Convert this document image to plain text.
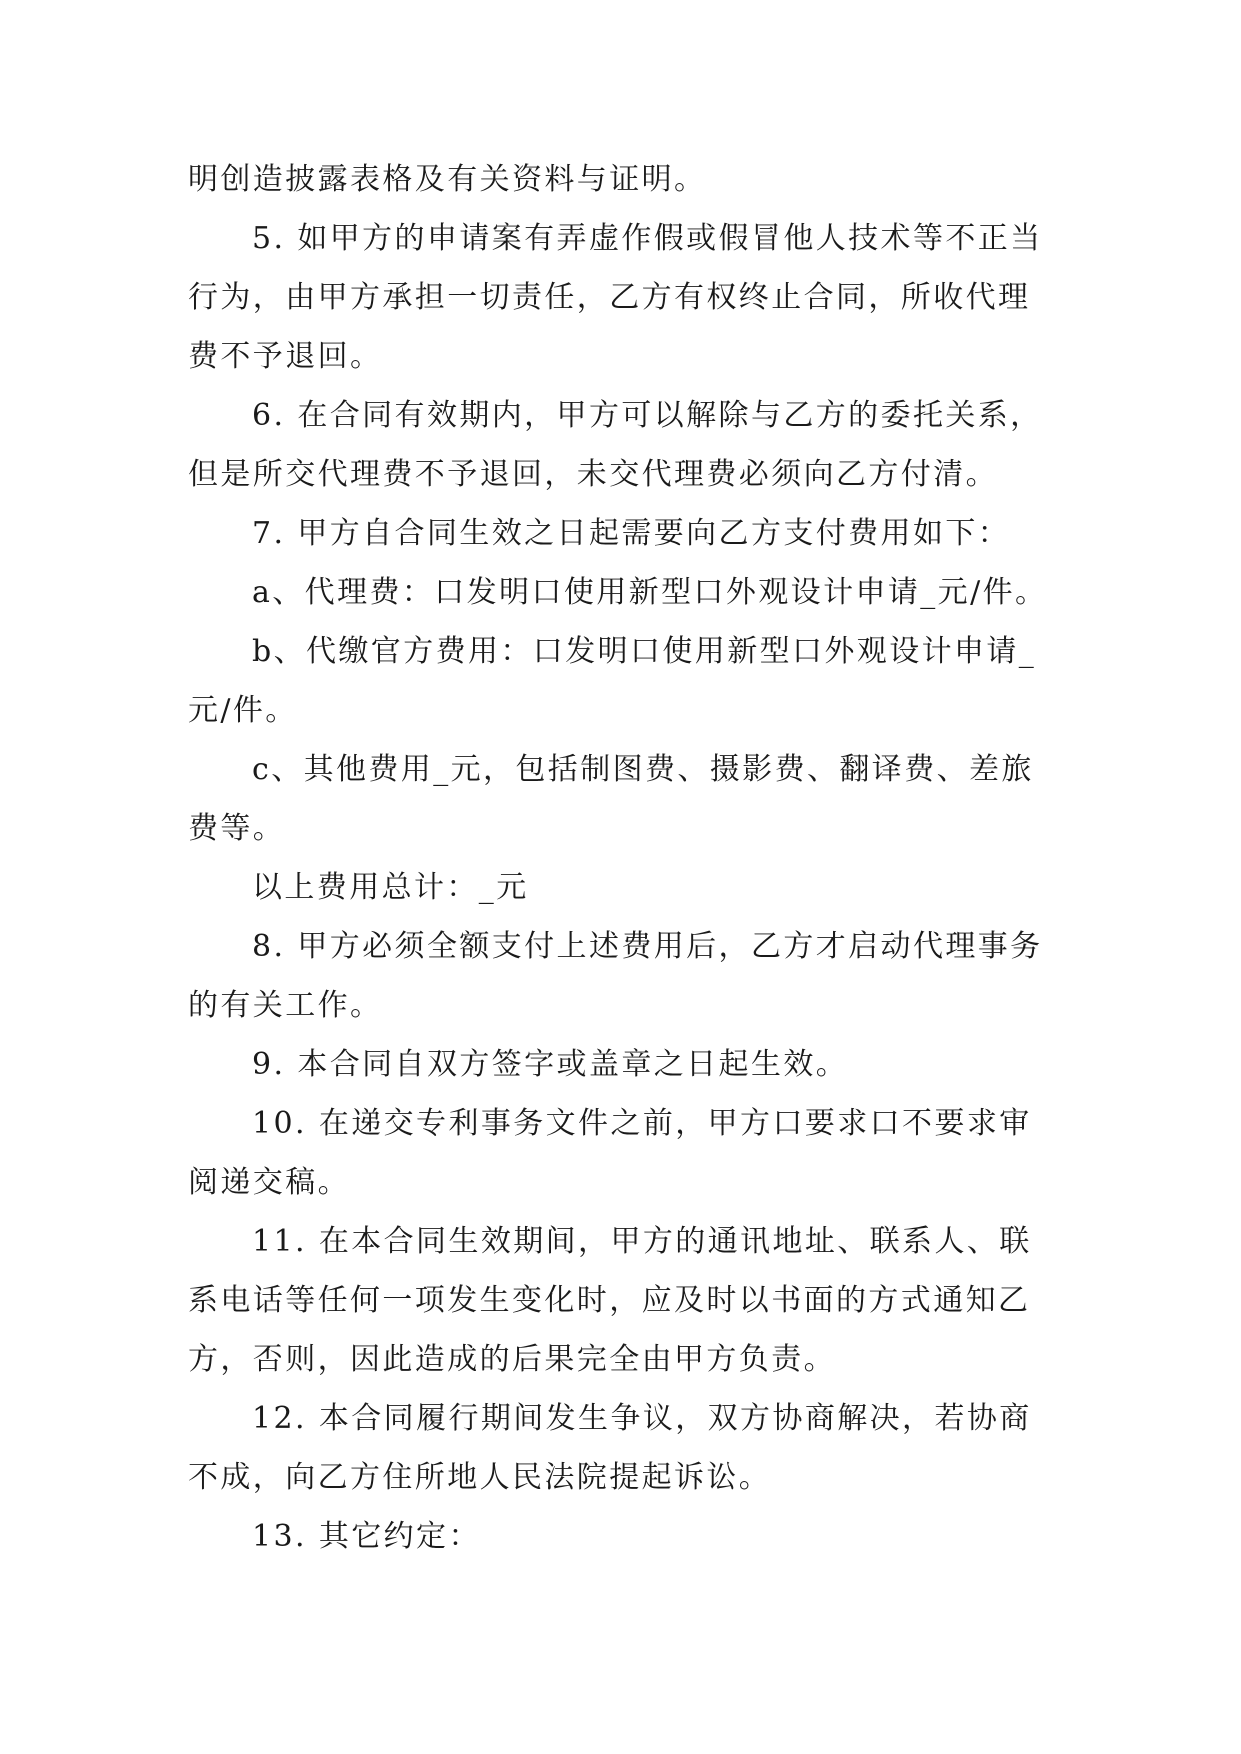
明创造披露表格及有关资料与证明。

5. 如甲方的申请案有弄虚作假或假冒他人技术等不正当行为，由甲方承担一切责任，乙方有权终止合同，所收代理费不予退回。

6. 在合同有效期内，甲方可以解除与乙方的委托关系，但是所交代理费不予退回，未交代理费必须向乙方付清。

7. 甲方自合同生效之日起需要向乙方支付费用如下：

a、代理费：口发明口使用新型口外观设计申请_元/件。

b、代缴官方费用：口发明口使用新型口外观设计申请_元/件。

c、其他费用_元，包括制图费、摄影费、翻译费、差旅费等。

以上费用总计：_元

8. 甲方必须全额支付上述费用后，乙方才启动代理事务的有关工作。

9. 本合同自双方签字或盖章之日起生效。

10. 在递交专利事务文件之前，甲方口要求口不要求审阅递交稿。

11. 在本合同生效期间，甲方的通讯地址、联系人、联系电话等任何一项发生变化时，应及时以书面的方式通知乙方，否则，因此造成的后果完全由甲方负责。

12. 本合同履行期间发生争议，双方协商解决，若协商不成，向乙方住所地人民法院提起诉讼。

13. 其它约定：
